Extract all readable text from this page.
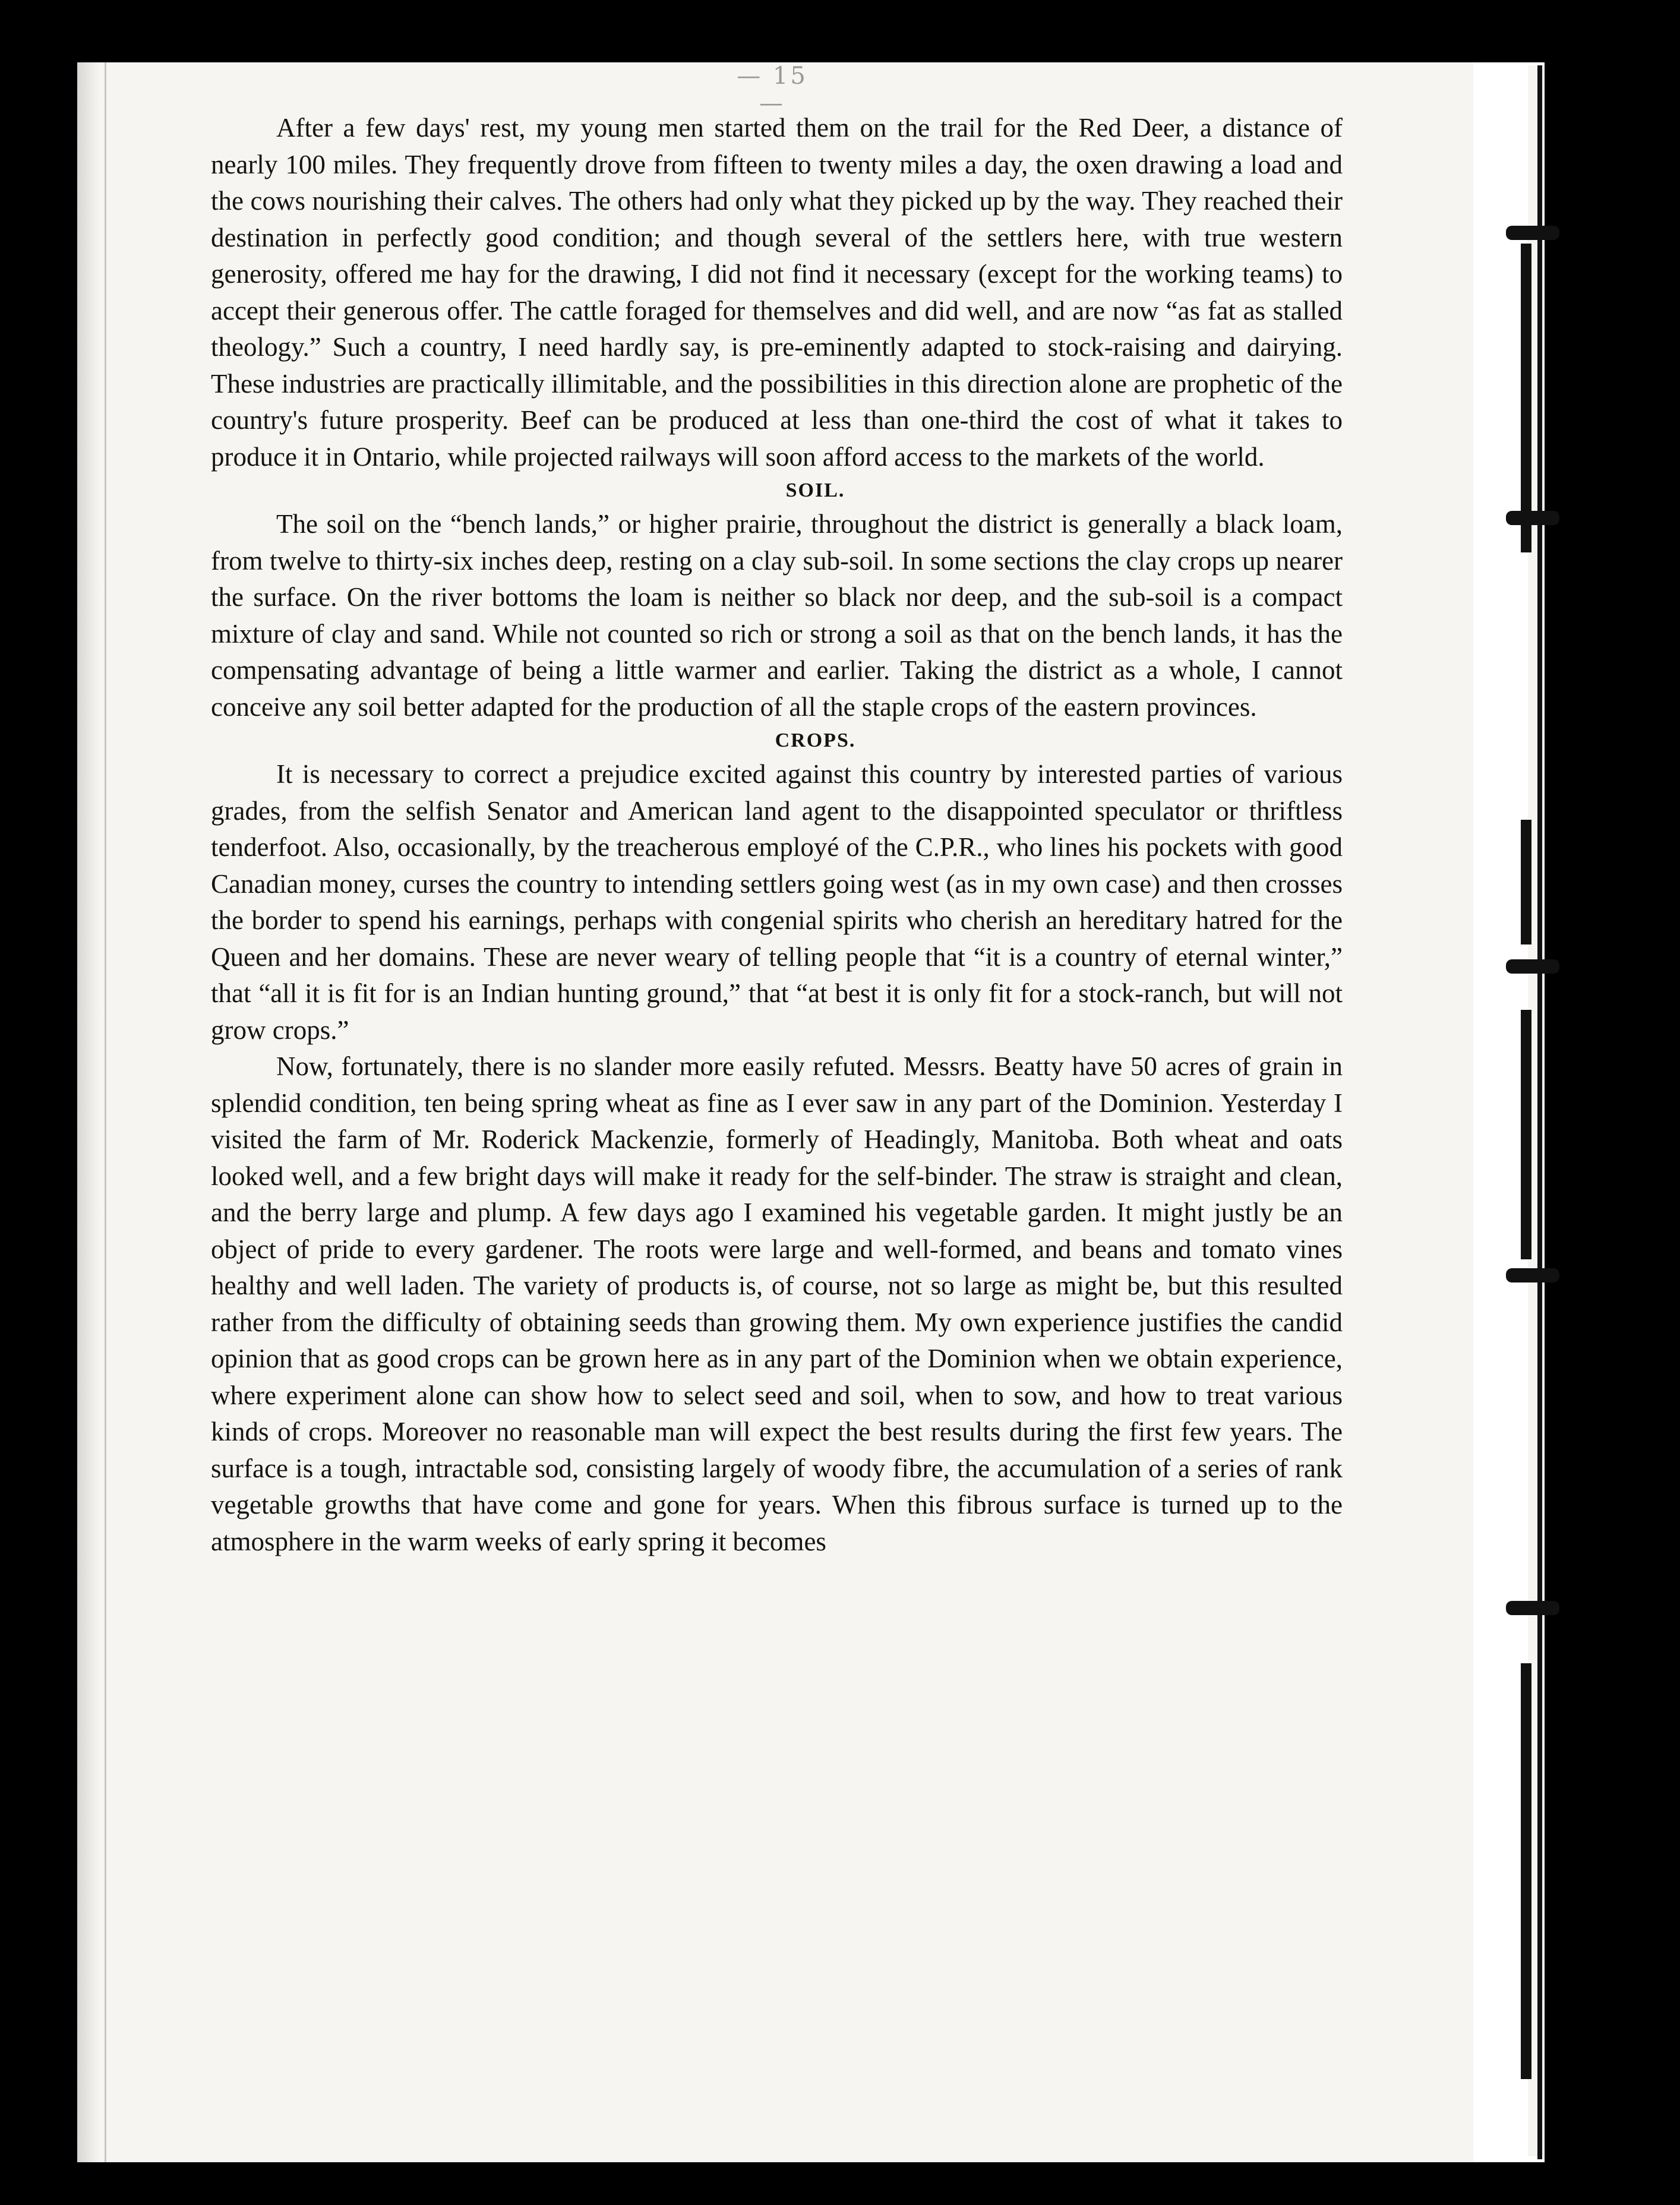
— 15 —

After a few days' rest, my young men started them on the trail for the Red Deer, a distance of nearly 100 miles. They frequently drove from fifteen to twenty miles a day, the oxen drawing a load and the cows nourishing their calves. The others had only what they picked up by the way. They reached their destination in perfectly good condition; and though several of the settlers here, with true western generosity, offered me hay for the drawing, I did not find it necessary (except for the working teams) to accept their generous offer. The cattle foraged for themselves and did well, and are now “as fat as stalled theology.” Such a country, I need hardly say, is pre-eminently adapted to stock-raising and dairying. These industries are practically illimitable, and the possibilities in this direction alone are prophetic of the country's future prosperity. Beef can be produced at less than one-third the cost of what it takes to produce it in Ontario, while projected railways will soon afford access to the markets of the world.

SOIL.

The soil on the “bench lands,” or higher prairie, throughout the district is generally a black loam, from twelve to thirty-six inches deep, resting on a clay sub-soil. In some sections the clay crops up nearer the surface. On the river bottoms the loam is neither so black nor deep, and the sub-soil is a compact mixture of clay and sand. While not counted so rich or strong a soil as that on the bench lands, it has the compensating advantage of being a little warmer and earlier. Taking the district as a whole, I cannot conceive any soil better adapted for the production of all the staple crops of the eastern provinces.

CROPS.

It is necessary to correct a prejudice excited against this country by interested parties of various grades, from the selfish Senator and American land agent to the disappointed speculator or thriftless tenderfoot. Also, occasionally, by the treacherous employé of the C.P.R., who lines his pockets with good Canadian money, curses the country to intending settlers going west (as in my own case) and then crosses the border to spend his earnings, perhaps with congenial spirits who cherish an hereditary hatred for the Queen and her domains. These are never weary of telling people that “it is a country of eternal winter,” that “all it is fit for is an Indian hunting ground,” that “at best it is only fit for a stock-ranch, but will not grow crops.”

Now, fortunately, there is no slander more easily refuted. Messrs. Beatty have 50 acres of grain in splendid condition, ten being spring wheat as fine as I ever saw in any part of the Dominion. Yesterday I visited the farm of Mr. Roderick Mackenzie, formerly of Headingly, Manitoba. Both wheat and oats looked well, and a few bright days will make it ready for the self-binder. The straw is straight and clean, and the berry large and plump. A few days ago I examined his vegetable garden. It might justly be an object of pride to every gardener. The roots were large and well-formed, and beans and tomato vines healthy and well laden. The variety of products is, of course, not so large as might be, but this resulted rather from the difficulty of obtaining seeds than growing them. My own experience justifies the candid opinion that as good crops can be grown here as in any part of the Dominion when we obtain experience, where experiment alone can show how to select seed and soil, when to sow, and how to treat various kinds of crops. Moreover no reasonable man will expect the best results during the first few years. The surface is a tough, intractable sod, consisting largely of woody fibre, the accumulation of a series of rank vegetable growths that have come and gone for years. When this fibrous surface is turned up to the atmosphere in the warm weeks of early spring it becomes
